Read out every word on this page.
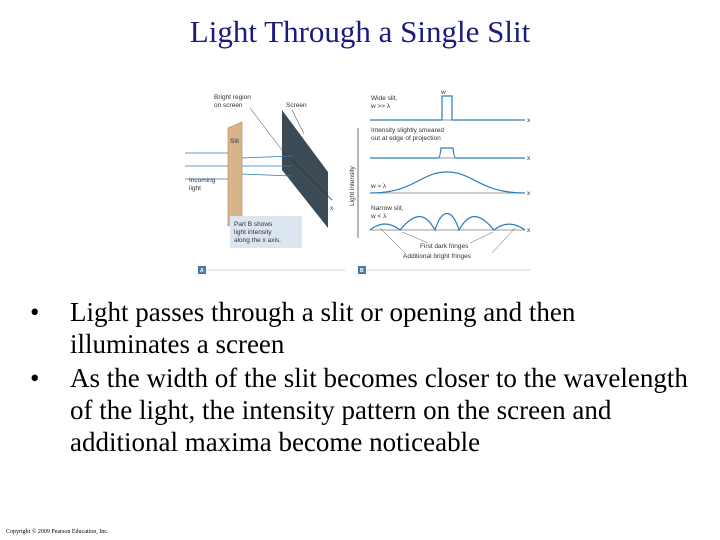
Light Through a Single Slit
x
Bright region
on screen	Screen
Slit
Incoming
light
Part B shows
light intensity
along the x axis.
A
Light intensity
x
x
x
x
w
Wide slit,
w >> λ
Intensity slightly smeared
out at edge of projection
w ≈ λ
Narrow slit,
w < λ
First dark fringes
Additional bright fringes
B
• Light passes through a slit or opening and then illuminates a screen
• As the width of the slit becomes closer to the wavelength of the light, the intensity pattern on the screen and additional maxima become noticeable
Copyright © 2009 Pearson Education, Inc.
